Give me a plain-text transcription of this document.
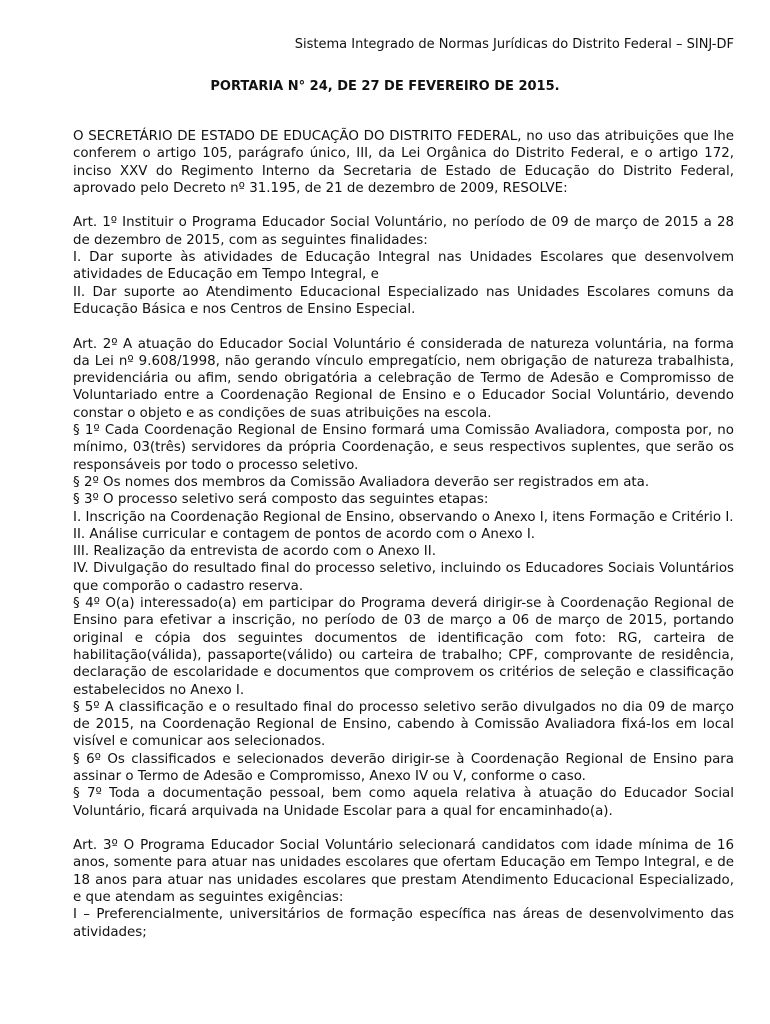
Sistema Integrado de Normas Jurídicas do Distrito Federal – SINJ-DF
PORTARIA N° 24, DE 27 DE FEVEREIRO DE 2015.

O SECRETÁRIO DE ESTADO DE EDUCAÇÃO DO DISTRITO FEDERAL, no uso das atribuições que lhe conferem o artigo 105, parágrafo único, III, da Lei Orgânica do Distrito Federal, e o artigo 172, inciso XXV do Regimento Interno da Secretaria de Estado de Educação do Distrito Federal, aprovado pelo Decreto nº 31.195, de 21 de dezembro de 2009, RESOLVE:

Art. 1º Instituir o Programa Educador Social Voluntário, no período de 09 de março de 2015 a 28 de dezembro de 2015, com as seguintes finalidades:

I. Dar suporte às atividades de Educação Integral nas Unidades Escolares que desenvolvem atividades de Educação em Tempo Integral, e

II. Dar suporte ao Atendimento Educacional Especializado nas Unidades Escolares comuns da Educação Básica e nos Centros de Ensino Especial.

Art. 2º A atuação do Educador Social Voluntário é considerada de natureza voluntária, na forma da Lei nº 9.608/1998, não gerando vínculo empregatício, nem obrigação de natureza trabalhista, previdenciária ou afim, sendo obrigatória a celebração de Termo de Adesão e Compromisso de Voluntariado entre a Coordenação Regional de Ensino e o Educador Social Voluntário, devendo constar o objeto e as condições de suas atribuições na escola.

§ 1º Cada Coordenação Regional de Ensino formará uma Comissão Avaliadora, composta por, no mínimo, 03(três) servidores da própria Coordenação, e seus respectivos suplentes, que serão os responsáveis por todo o processo seletivo.

§ 2º Os nomes dos membros da Comissão Avaliadora deverão ser registrados em ata.

§ 3º O processo seletivo será composto das seguintes etapas:

I. Inscrição na Coordenação Regional de Ensino, observando o Anexo I, itens Formação e Critério I.

II. Análise curricular e contagem de pontos de acordo com o Anexo I.

III. Realização da entrevista de acordo com o Anexo II.

IV. Divulgação do resultado final do processo seletivo, incluindo os Educadores Sociais Voluntários que comporão o cadastro reserva.

§ 4º O(a) interessado(a) em participar do Programa deverá dirigir-se à Coordenação Regional de Ensino para efetivar a inscrição, no período de 03 de março a 06 de março de 2015, portando original e cópia dos seguintes documentos de identificação com foto: RG, carteira de habilitação(válida), passaporte(válido) ou carteira de trabalho; CPF, comprovante de residência, declaração de escolaridade e documentos que comprovem os critérios de seleção e classificação estabelecidos no Anexo I.

§ 5º A classificação e o resultado final do processo seletivo serão divulgados no dia 09 de março de 2015, na Coordenação Regional de Ensino, cabendo à Comissão Avaliadora fixá-los em local visível e comunicar aos selecionados.

§ 6º Os classificados e selecionados deverão dirigir-se à Coordenação Regional de Ensino para assinar o Termo de Adesão e Compromisso, Anexo IV ou V, conforme o caso.

§ 7º Toda a documentação pessoal, bem como aquela relativa à atuação do Educador Social Voluntário, ficará arquivada na Unidade Escolar para a qual for encaminhado(a).

Art. 3º O Programa Educador Social Voluntário selecionará candidatos com idade mínima de 16 anos, somente para atuar nas unidades escolares que ofertam Educação em Tempo Integral, e de 18 anos para atuar nas unidades escolares que prestam Atendimento Educacional Especializado, e que atendam as seguintes exigências:

I – Preferencialmente, universitários de formação específica nas áreas de desenvolvimento das atividades;
